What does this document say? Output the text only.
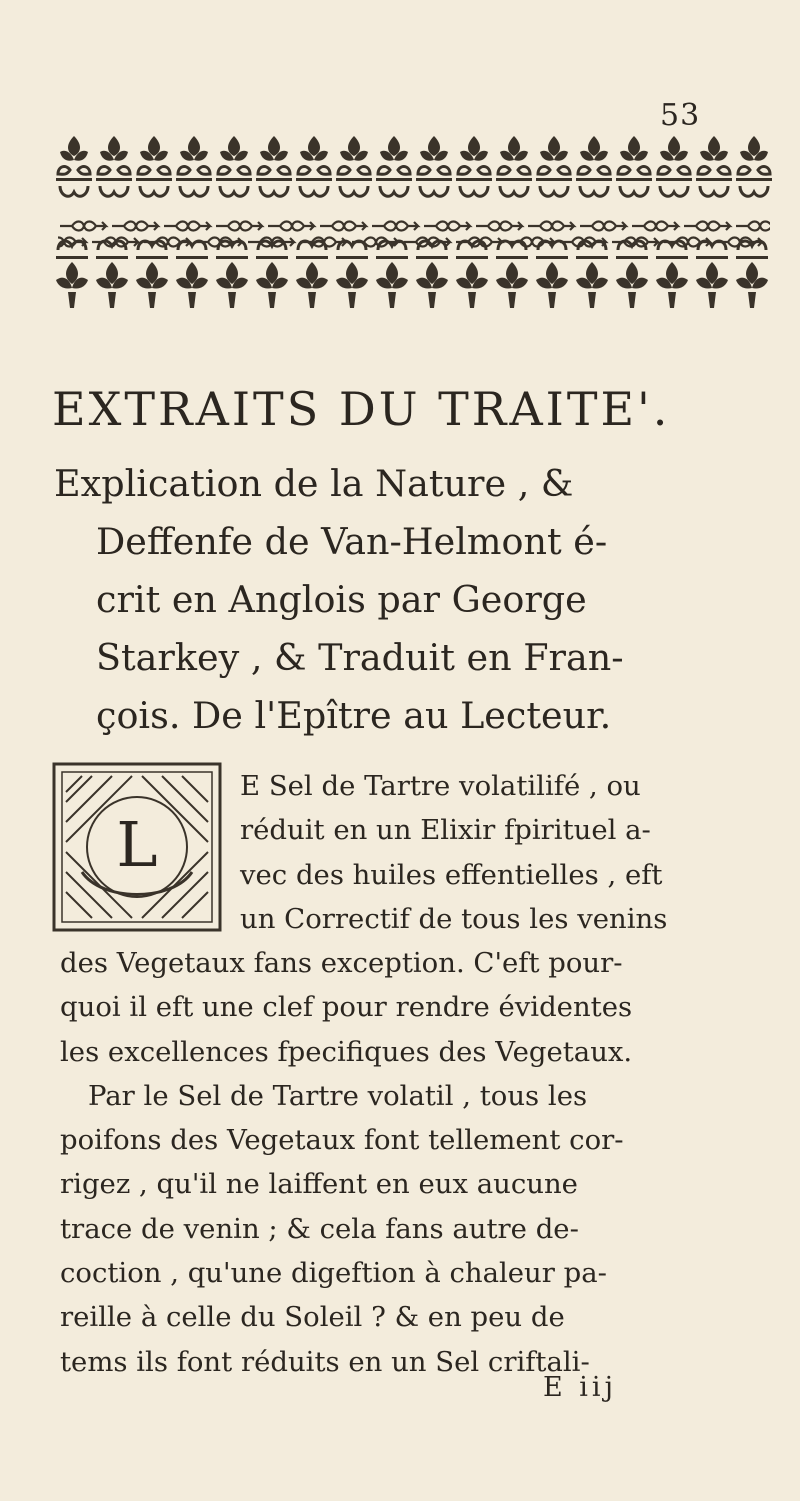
53
EXTRAITS DU TRAITE'.
Explication de la Nature , &
Deffenfe de Van-Helmont é-
crit en Anglois par George
Starkey , & Traduit en Fran-
çois. De l'Epître au Lecteur.
L
E Sel de Tartre volatilifé , ou
réduit en un Elixir fpirituel a-
vec des huiles effentielles , eft
un Correctif de tous les venins
des Vegetaux fans exception. C'eft pour-
quoi il eft une clef pour rendre évidentes
les excellences fpecifiques des Vegetaux.
Par le Sel de Tartre volatil , tous les
poifons des Vegetaux font tellement cor-
rigez , qu'il ne laiffent en eux aucune
trace de venin ; & cela fans autre de-
coction , qu'une digeftion à chaleur pa-
reille à celle du Soleil ? & en peu de
tems ils font réduits en un Sel criftali-
E iij
